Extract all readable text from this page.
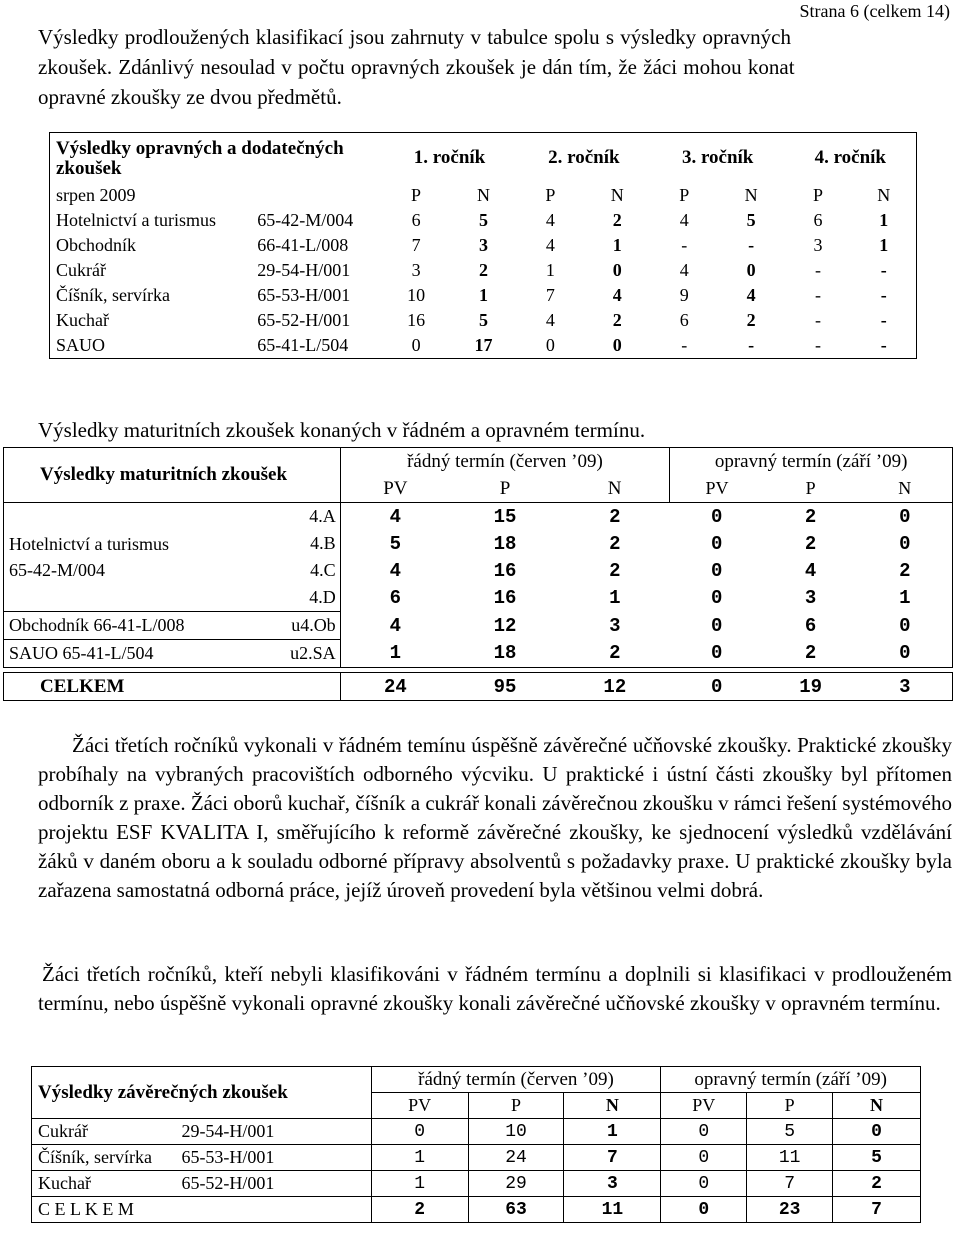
Strana 6 (celkem 14)
Výsledky prodloužených klasifikací jsou zahrnuty v tabulce spolu s výsledky opravných
zkoušek. Zdánlivý nesoulad v počtu opravných zkoušek je dán tím, že žáci mohou konat
opravné zkoušky ze dvou předmětů.
Výsledky opravných a dodatečných zkoušek		1. ročník		2. ročník		3. ročník		4. ročník	
srpen 2009		P	N	P	N	P	N	P	N
Hotelnictví a turismus	65-42-M/004	6	5	4	2	4	5	6	1
Obchodník	66-41-L/008	7	3	4	1	-	-	3	1
Cukrář	29-54-H/001	3	2	1	0	4	0	-	-
Číšník, servírka	65-53-H/001	10	1	7	4	9	4	-	-
Kuchař	65-52-H/001	16	5	4	2	6	2	-	-
SAUO	65-41-L/504	0	17	0	0	-	-	-	-
Výsledky maturitních zkoušek konaných v řádném a opravném termínu.
Výsledky maturitních zkoušek		řádný termín (červen ’09)			opravný termín (září ’09)		
		PV	P	N	PV	P	N

Hotelnictví a turismus
65-42-M/004	4.A	4	15	2	0	2	0
	4.B	5	18	2	0	2	0
	4.C	4	16	2	0	4	2
	4.D	6	16	1	0	3	1
Obchodník 66-41-L/008	u4.Ob	4	12	3	0	6	0
SAUO 65-41-L/504	u2.SA	1	18	2	0	2	0

CELKEM		24	95	12	0	19	3

Žáci třetích ročníků vykonali v řádném temínu úspěšně závěrečné učňovské zkoušky. Praktické zkoušky probíhaly na vybraných pracovištích odborného výcviku. U praktické i ústní části zkoušky byl přítomen odborník z praxe. Žáci oborů kuchař, číšník a cukrář konali závěrečnou zkoušku v rámci řešení systémového projektu ESF KVALITA I, směřujícího k reformě závěrečné zkoušky, ke sjednocení výsledků vzdělávání žáků v daném oboru a k souladu odborné přípravy absolventů s požadavky praxe. U praktické zkoušky byla zařazena samostatná odborná práce, jejíž úroveň provedení byla většinou velmi dobrá.

Žáci třetích ročníků, kteří nebyli klasifikováni v řádném termínu a doplnili si klasifikaci v prodlouženém termínu, nebo úspěšně vykonali opravné zkoušky konali závěrečné učňovské zkoušky v opravném termínu.

Výsledky závěrečných zkoušek		řádný termín (červen ’09)			opravný termín (září ’09)		
		PV	P	N	PV	P	N
Cukrář	29-54-H/001	0	10	1	0	5	0
Číšník, servírka	65-53-H/001	1	24	7	0	11	5
Kuchař	65-52-H/001	1	29	3	0	7	2
C E L K E M		2	63	11	0	23	7
